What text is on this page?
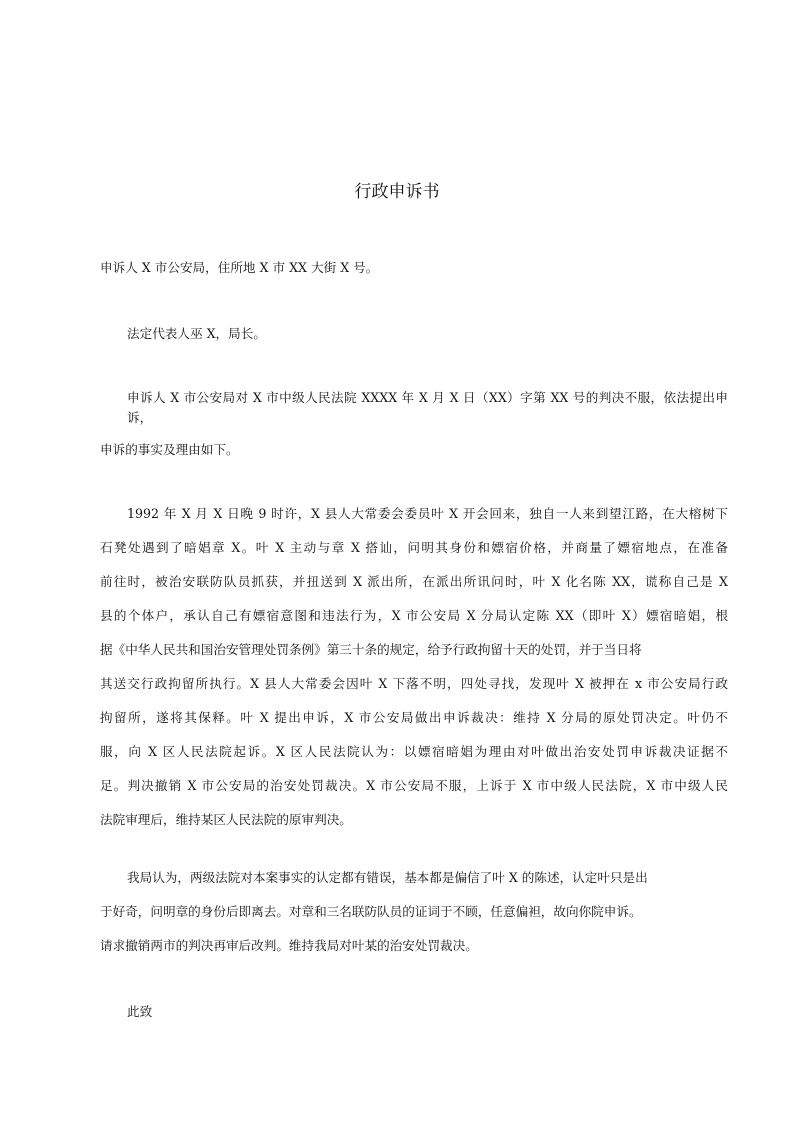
行政申诉书
申诉人 X 市公安局，住所地 X 市 XX 大街 X 号。
法定代表人巫 X，局长。
申诉人 X 市公安局对 X 市中级人民法院 XXXX 年 X 月 X 日（XX）字第 XX 号的判决不服，依法提出申
诉，
申诉的事实及理由如下。
1992 年 X 月 X 日晚 9 时许，X 县人大常委会委员叶 X 开会回来，独自一人来到望江路，在大榕树下
石凳处遇到了暗娼章 X。叶 X 主动与章 X 搭讪，问明其身份和嫖宿价格，并商量了嫖宿地点，在准备
前往时，被治安联防队员抓获，并扭送到 X 派出所，在派出所讯问时，叶 X 化名陈 XX，谎称自己是 X
县的个体户，承认自己有嫖宿意图和违法行为，X 市公安局 X 分局认定陈 XX（即叶 X）嫖宿暗娼，根
据《中华人民共和国治安管理处罚条例》第三十条的规定，给予行政拘留十天的处罚，并于当日将
其送交行政拘留所执行。X 县人大常委会因叶 X 下落不明，四处寻找，发现叶 X 被押在 x 市公安局行政
拘留所，遂将其保释。叶 X 提出申诉，X 市公安局做出申诉裁决：维持 X 分局的原处罚决定。叶仍不
服，向 X 区人民法院起诉。X 区人民法院认为：以嫖宿暗娼为理由对叶做出治安处罚申诉裁决证据不
足。判决撤销 X 市公安局的治安处罚裁决。X 市公安局不服，上诉于 X 市中级人民法院，X 市中级人民
法院审理后，维持某区人民法院的原审判决。
我局认为，两级法院对本案事实的认定都有错误，基本都是偏信了叶 X 的陈述，认定叶只是出
于好奇，问明章的身份后即离去。对章和三名联防队员的证词于不顾，任意偏袒，故向你院申诉。
请求撤销两市的判决再审后改判。维持我局对叶某的治安处罚裁决。
此致
